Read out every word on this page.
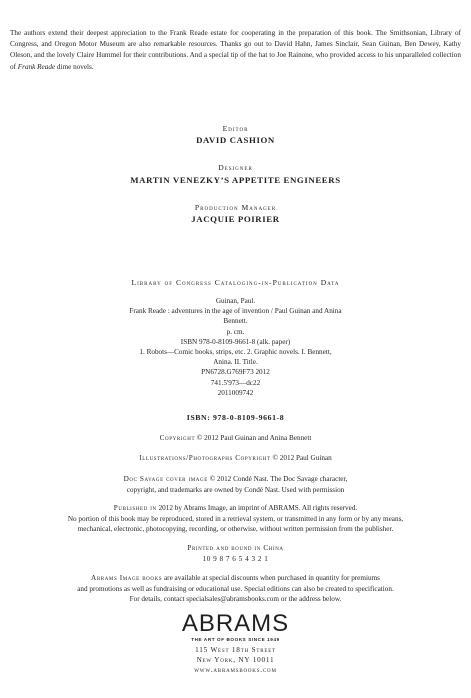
The authors extend their deepest appreciation to the Frank Reade estate for cooperating in the preparation of this book. The Smithsonian, Library of Congress, and Oregon Motor Museum are also remarkable resources. Thanks go out to David Hahn, James Sinclair, Sean Guinan, Ben Dewey, Kathy Oleson, and the lovely Claire Hummel for their contributions. And a special tip of the hat to Joe Rainone, who provided access to his unparalleled collection of Frank Reade dime novels.
Editor
DAVID CASHION
Designer
MARTIN VENEZKY’S APPETITE ENGINEERS
Production Manager
JACQUIE POIRIER
Library of Congress Cataloging-in-Publication Data
Guinan, Paul.
Frank Reade : adventures in the age of invention / Paul Guinan and Anina
Bennett.
p. cm.
ISBN 978-0-8109-9661-8 (alk. paper)
1. Robots—Comic books, strips, etc. 2. Graphic novels. I. Bennett,
Anina. II. Title.
PN6728.G769F73 2012
741.5'973—dc22
2011009742
ISBN: 978-0-8109-9661-8
Copyright © 2012 Paul Guinan and Anina Bennett
Illustrations/Photographs Copyright © 2012 Paul Guinan
Doc Savage cover image © 2012 Condé Nast. The Doc Savage character,
copyright, and trademarks are owned by Condé Nast. Used with permission
Published in 2012 by Abrams Image, an imprint of ABRAMS. All rights reserved.
No portion of this book may be reproduced, stored in a retrieval system, or transmitted in any form or by any means,
mechanical, electronic, photocopying, recording, or otherwise, without written permission from the publisher.
Printed and bound in China
10 9 8 7 6 5 4 3 2 1
Abrams Image books are available at special discounts when purchased in quantity for premiums
and promotions as well as fundraising or educational use. Special editions can also be created to specification.
For details, contact specialsales@abramsbooks.com or the address below.
ABRAMS
THE ART OF BOOKS SINCE 1949
115 West 18th Street
New York, NY 10011
www.abramsbooks.com
